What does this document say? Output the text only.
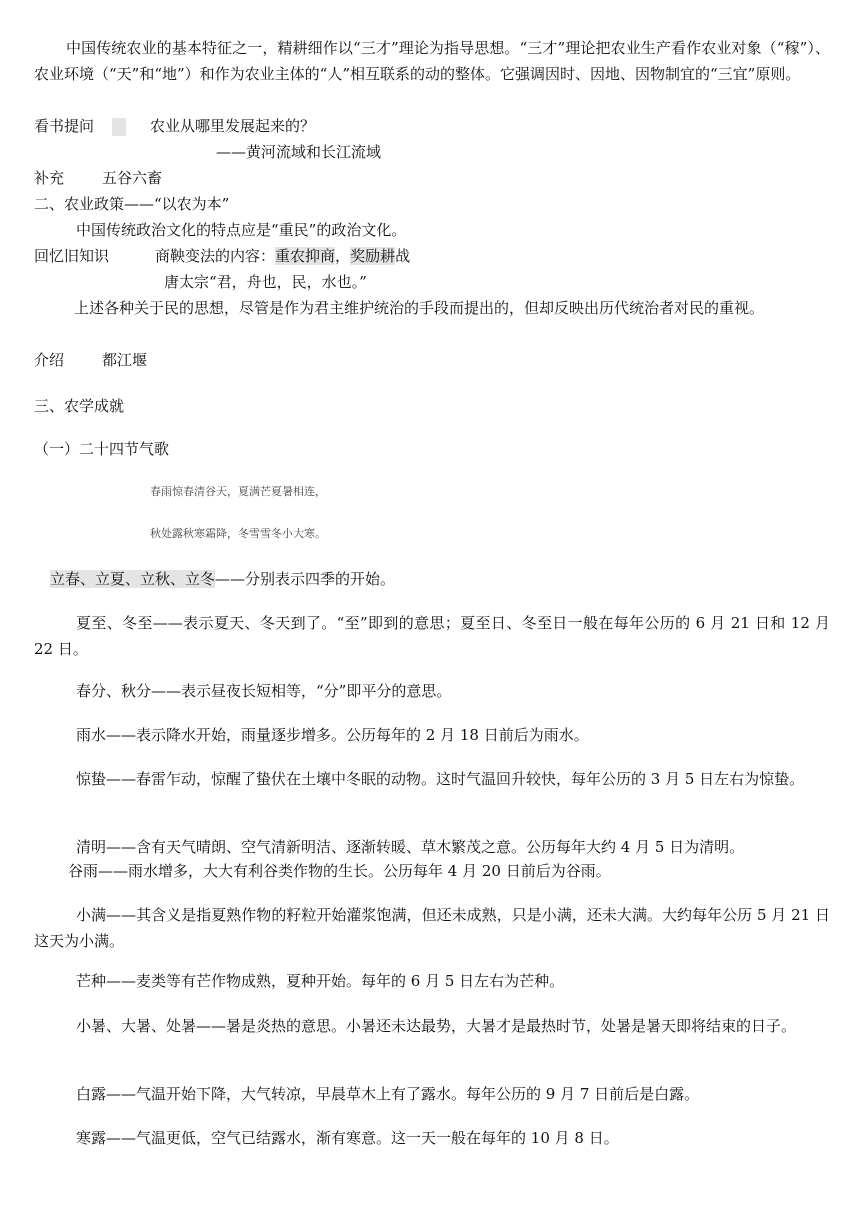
中国传统农业的基本特征之一，精耕细作以“三才”理论为指导思想。“三才”理论把农业生产看作农业对象（“稼”）、农业环境（“天”和“地”）和作为农业主体的“人”相互联系的动的整体。它强调因时、因地、因物制宜的“三宜”原则。
看书提问	农业从哪里发展起来的？
——黄河流域和长江流域
补充	五谷六畜
二、农业政策——“以农为本”
中国传统政治文化的特点应是“重民”的政治文化。
回忆旧知识	商鞅变法的内容：重农抑商，奖励耕战
唐太宗“君，舟也，民，水也。”
上述各种关于民的思想，尽管是作为君主维护统治的手段而提出的，但却反映出历代统治者对民的重视。
介绍	都江堰
三、农学成就
（一）二十四节气歌
春雨惊春清谷天，夏满芒夏暑相连，
秋处露秋寒霜降，冬雪雪冬小大寒。
立春、立夏、立秋、立冬——分别表示四季的开始。
夏至、冬至——表示夏天、冬天到了。“至”即到的意思；夏至日、冬至日一般在每年公历的 6 月 21 日和 12 月 22 日。
春分、秋分——表示昼夜长短相等，“分”即平分的意思。
雨水——表示降水开始，雨量逐步增多。公历每年的 2 月 18 日前后为雨水。
惊蛰——春雷乍动，惊醒了蛰伏在土壤中冬眠的动物。这时气温回升较快，每年公历的 3 月 5 日左右为惊蛰。
清明——含有天气晴朗、空气清新明洁、逐渐转暖、草木繁茂之意。公历每年大约 4 月 5 日为清明。
谷雨——雨水增多，大大有利谷类作物的生长。公历每年 4 月 20 日前后为谷雨。
小满——其含义是指夏熟作物的籽粒开始灌浆饱满，但还未成熟，只是小满，还未大满。大约每年公历 5 月 21 日这天为小满。
芒种——麦类等有芒作物成熟，夏种开始。每年的 6 月 5 日左右为芒种。
小暑、大暑、处暑——暑是炎热的意思。小暑还未达最势，大暑才是最热时节，处暑是暑天即将结束的日子。
白露——气温开始下降，大气转凉，早晨草木上有了露水。每年公历的 9 月 7 日前后是白露。
寒露——气温更低，空气已结露水，渐有寒意。这一天一般在每年的 10 月 8 日。
